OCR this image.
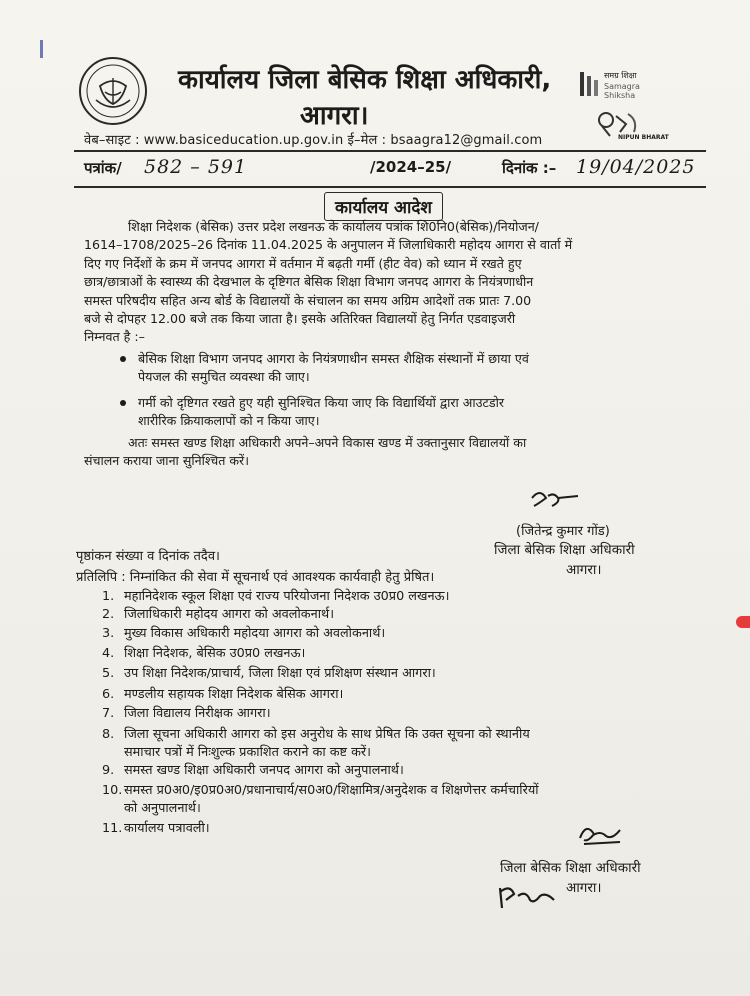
कार्यालय जिला बेसिक शिक्षा अधिकारी,
आगरा।
समग्र शिक्षा
Samagra Shiksha
NIPUN BHARAT
वेब–साइट : www.basiceducation.up.gov.in ई–मेल : bsaagra12@gmail.com
पत्रांक/ 582 – 591	/2024–25/	दिनांक :– 19/04/2025
कार्यालय आदेश
शिक्षा निदेशक (बेसिक) उत्तर प्रदेश लखनऊ के कार्यालय पत्रांक शि0नि0(बेसिक)/नियोजन/
1614–1708/2025–26 दिनांक 11.04.2025 के अनुपालन में जिलाधिकारी महोदय आगरा से वार्ता में
दिए गए निर्देशों के क्रम में जनपद आगरा में वर्तमान में बढ़ती गर्मी (हीट वेव) को ध्यान में रखते हुए
छात्र/छात्राओं के स्वास्थ्य की देखभाल के दृष्टिगत बेसिक शिक्षा विभाग जनपद आगरा के नियंत्रणाधीन
समस्त परिषदीय सहित अन्य बोर्ड के विद्यालयों के संचालन का समय अग्रिम आदेशों तक प्रातः 7.00
बजे से दोपहर 12.00 बजे तक किया जाता है। इसके अतिरिक्त विद्यालयों हेतु निर्गत एडवाइजरी
निम्नवत है :–
बेसिक शिक्षा विभाग जनपद आगरा के नियंत्रणाधीन समस्त शैक्षिक संस्थानों में छाया एवं
पेयजल की समुचित व्यवस्था की जाए।
गर्मी को दृष्टिगत रखते हुए यही सुनिश्चित किया जाए कि विद्यार्थियों द्वारा आउटडोर
शारीरिक क्रियाकलापों को न किया जाए।
अतः समस्त खण्ड शिक्षा अधिकारी अपने–अपने विकास खण्ड में उक्तानुसार विद्यालयों का
संचालन कराया जाना सुनिश्चित करें।
(जितेन्द्र कुमार गोंड)
जिला बेसिक शिक्षा अधिकारी
आगरा।
पृष्ठांकन संख्या व दिनांक तदैव।
प्रतिलिपि : निम्नांकित की सेवा में सूचनार्थ एवं आवश्यक कार्यवाही हेतु प्रेषित।
1. महानिदेशक स्कूल शिक्षा एवं राज्य परियोजना निदेशक उ0प्र0 लखनऊ।
2. जिलाधिकारी महोदय आगरा को अवलोकनार्थ।
3. मुख्य विकास अधिकारी महोदया आगरा को अवलोकनार्थ।
4. शिक्षा निदेशक, बेसिक उ0प्र0 लखनऊ।
5. उप शिक्षा निदेशक/प्राचार्य, जिला शिक्षा एवं प्रशिक्षण संस्थान आगरा।
6. मण्डलीय सहायक शिक्षा निदेशक बेसिक आगरा।
7. जिला विद्यालय निरीक्षक आगरा।
8. जिला सूचना अधिकारी आगरा को इस अनुरोध के साथ प्रेषित कि उक्त सूचना को स्थानीय
समाचार पत्रों में निःशुल्क प्रकाशित कराने का कष्ट करें।
9. समस्त खण्ड शिक्षा अधिकारी जनपद आगरा को अनुपालनार्थ।
10. समस्त प्र0अ0/इ0प्र0अ0/प्रधानाचार्य/स0अ0/शिक्षामित्र/अनुदेशक व शिक्षणेत्तर कर्मचारियों
को अनुपालनार्थ।
11. कार्यालय पत्रावली।
जिला बेसिक शिक्षा अधिकारी
आगरा।
